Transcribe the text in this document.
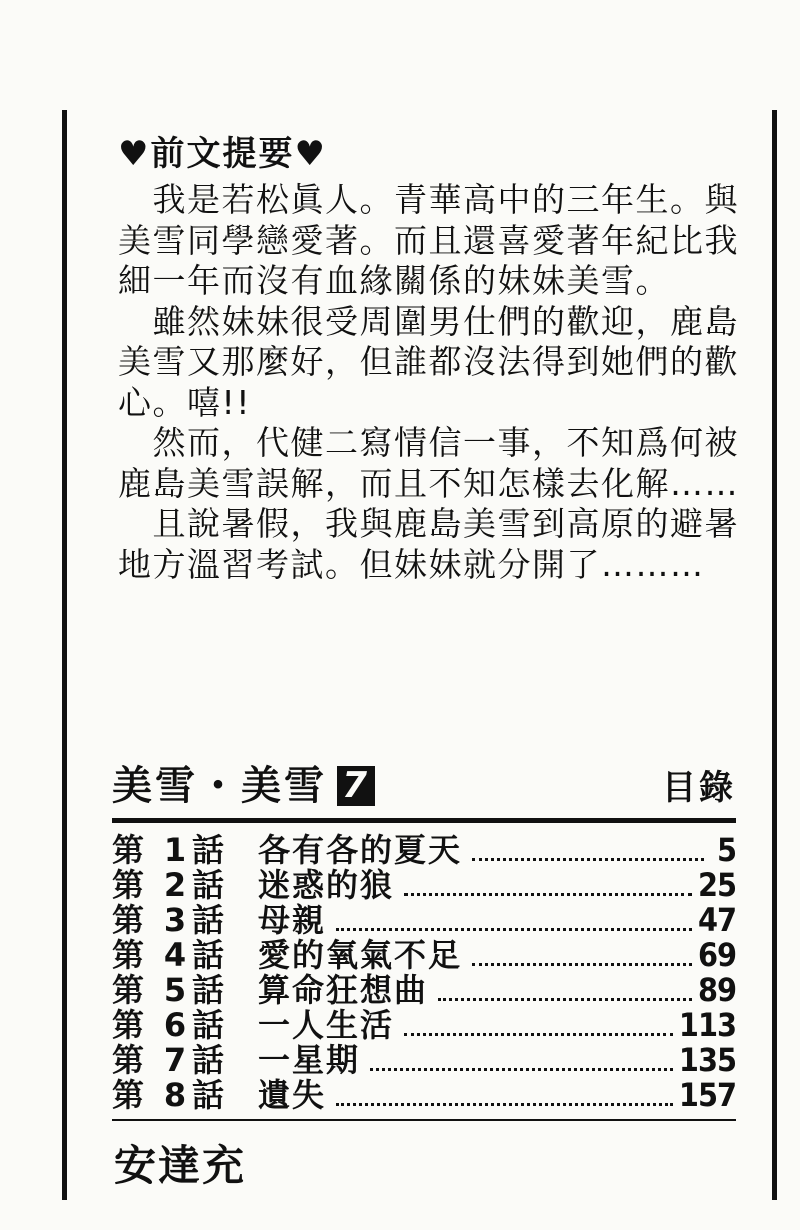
♥ 前文提要 ♥
　我是若松眞人。青華高中的三年生。與
美雪同學戀愛著。而且還喜愛著年紀比我
細一年而沒有血緣關係的妹妹美雪。
　雖然妹妹很受周圍男仕們的歡迎，鹿島
美雪又那麼好，但誰都沒法得到她們的歡
心。嘻!!
　然而，代健二寫情信一事，不知爲何被
鹿島美雪誤解，而且不知怎樣去化解……
　且說暑假，我與鹿島美雪到高原的避暑
地方溫習考試。但妹妹就分開了………
美雪・美雪 7	目錄
第 1 話	各有各的夏天	5
第 2 話	迷惑的狼	25
第 3 話	母親	47
第 4 話	愛的氧氣不足	69
第 5 話	算命狂想曲	89
第 6 話	一人生活	113
第 7 話	一星期	135
第 8 話	遺失	157
安達充
